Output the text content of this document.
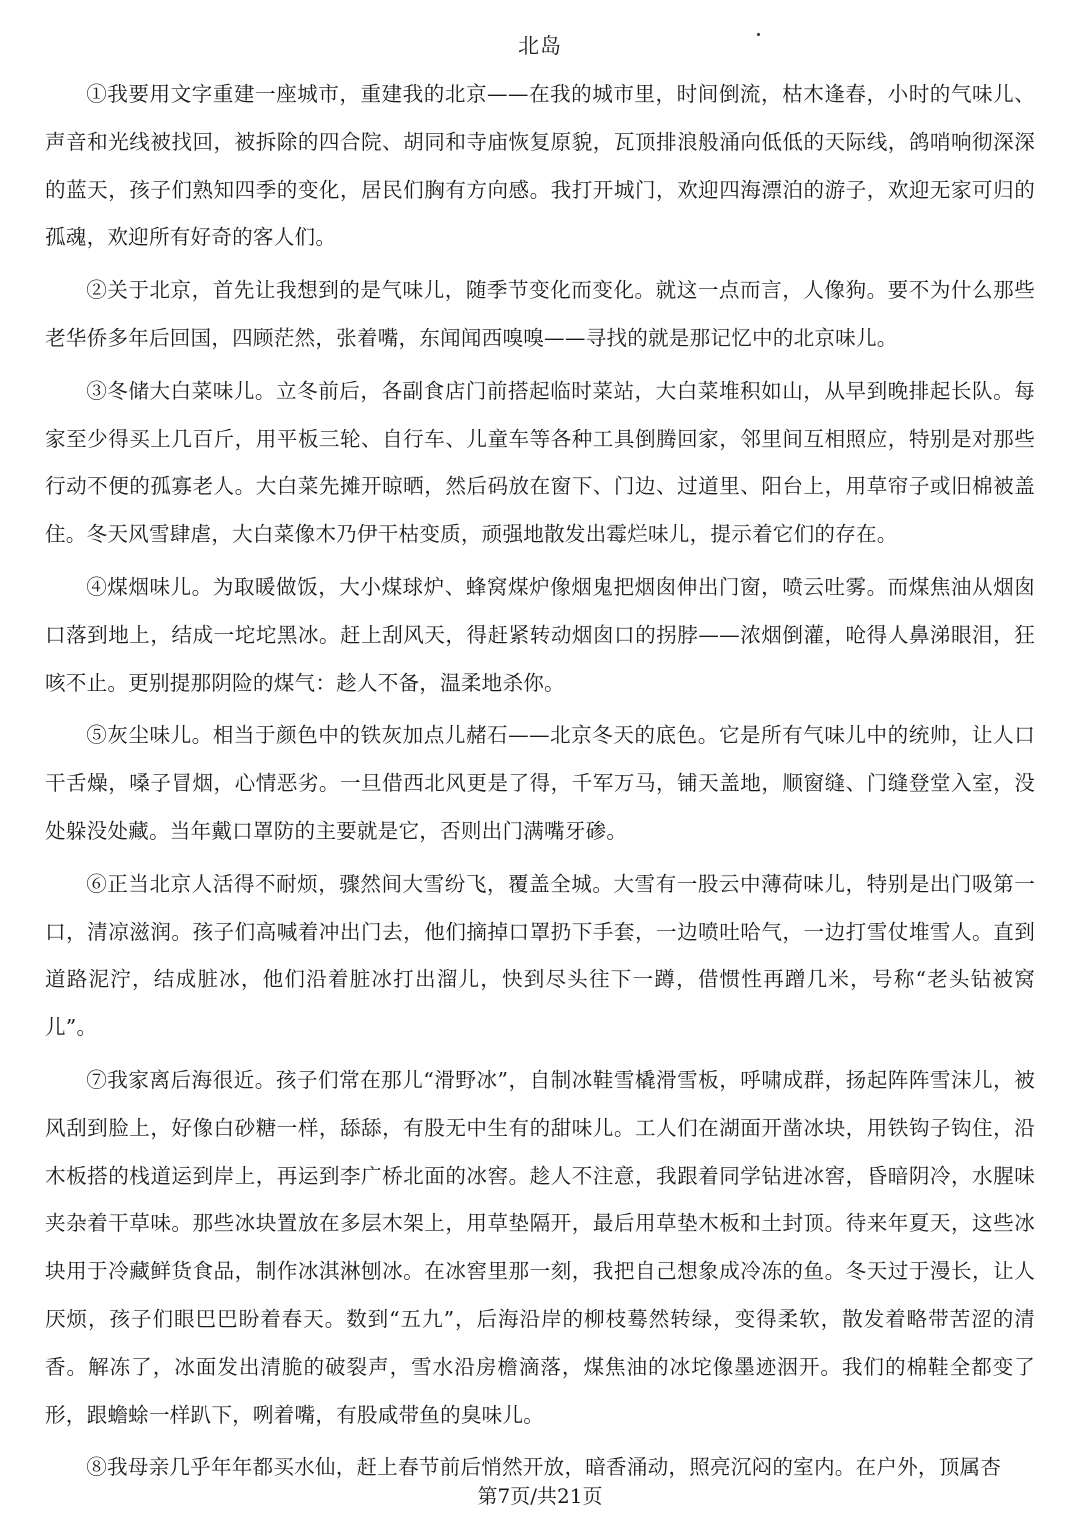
北岛

①我要用文字重建一座城市，重建我的北京——在我的城市里，时间倒流，枯木逢春，小时的气味儿、声音和光线被找回，被拆除的四合院、胡同和寺庙恢复原貌，瓦顶排浪般涌向低低的天际线，鸽哨响彻深深的蓝天，孩子们熟知四季的变化，居民们胸有方向感。我打开城门，欢迎四海漂泊的游子，欢迎无家可归的孤魂，欢迎所有好奇的客人们。

②关于北京，首先让我想到的是气味儿，随季节变化而变化。就这一点而言，人像狗。要不为什么那些老华侨多年后回国，四顾茫然，张着嘴，东闻闻西嗅嗅——寻找的就是那记忆中的北京味儿。

③冬储大白菜味儿。立冬前后，各副食店门前搭起临时菜站，大白菜堆积如山，从早到晚排起长队。每家至少得买上几百斤，用平板三轮、自行车、儿童车等各种工具倒腾回家，邻里间互相照应，特别是对那些行动不便的孤寡老人。大白菜先摊开晾晒，然后码放在窗下、门边、过道里、阳台上，用草帘子或旧棉被盖住。冬天风雪肆虐，大白菜像木乃伊干枯变质，顽强地散发出霉烂味儿，提示着它们的存在。

④煤烟味儿。为取暖做饭，大小煤球炉、蜂窝煤炉像烟鬼把烟囱伸出门窗，喷云吐雾。而煤焦油从烟囱口落到地上，结成一坨坨黑冰。赶上刮风天，得赶紧转动烟囱口的拐脖——浓烟倒灌，呛得人鼻涕眼泪，狂咳不止。更别提那阴险的煤气：趁人不备，温柔地杀你。

⑤灰尘味儿。相当于颜色中的铁灰加点儿赭石——北京冬天的底色。它是所有气味儿中的统帅，让人口干舌燥，嗓子冒烟，心情恶劣。一旦借西北风更是了得，千军万马，铺天盖地，顺窗缝、门缝登堂入室，没处躲没处藏。当年戴口罩防的主要就是它，否则出门满嘴牙碜。

⑥正当北京人活得不耐烦，骤然间大雪纷飞，覆盖全城。大雪有一股云中薄荷味儿，特别是出门吸第一口，清凉滋润。孩子们高喊着冲出门去，他们摘掉口罩扔下手套，一边喷吐哈气，一边打雪仗堆雪人。直到道路泥泞，结成脏冰，他们沿着脏冰打出溜儿，快到尽头往下一蹲，借惯性再蹭几米，号称“老头钻被窝儿”。

⑦我家离后海很近。孩子们常在那儿“滑野冰”，自制冰鞋雪橇滑雪板，呼啸成群，扬起阵阵雪沫儿，被风刮到脸上，好像白砂糖一样，舔舔，有股无中生有的甜味儿。工人们在湖面开凿冰块，用铁钩子钩住，沿木板搭的栈道运到岸上，再运到李广桥北面的冰窖。趁人不注意，我跟着同学钻进冰窖，昏暗阴冷，水腥味夹杂着干草味。那些冰块置放在多层木架上，用草垫隔开，最后用草垫木板和土封顶。待来年夏天，这些冰块用于冷藏鲜货食品，制作冰淇淋刨冰。在冰窖里那一刻，我把自己想象成冷冻的鱼。冬天过于漫长，让人厌烦，孩子们眼巴巴盼着春天。数到“五九”，后海沿岸的柳枝蓦然转绿，变得柔软，散发着略带苦涩的清香。解冻了，冰面发出清脆的破裂声，雪水沿房檐滴落，煤焦油的冰坨像墨迹洇开。我们的棉鞋全都变了形，跟蟾蜍一样趴下，咧着嘴，有股咸带鱼的臭味儿。

⑧我母亲几乎年年都买水仙，赶上春节前后悄然开放，暗香涌动，照亮沉闷的室内。在户外，顶属杏

第7页/共21页
